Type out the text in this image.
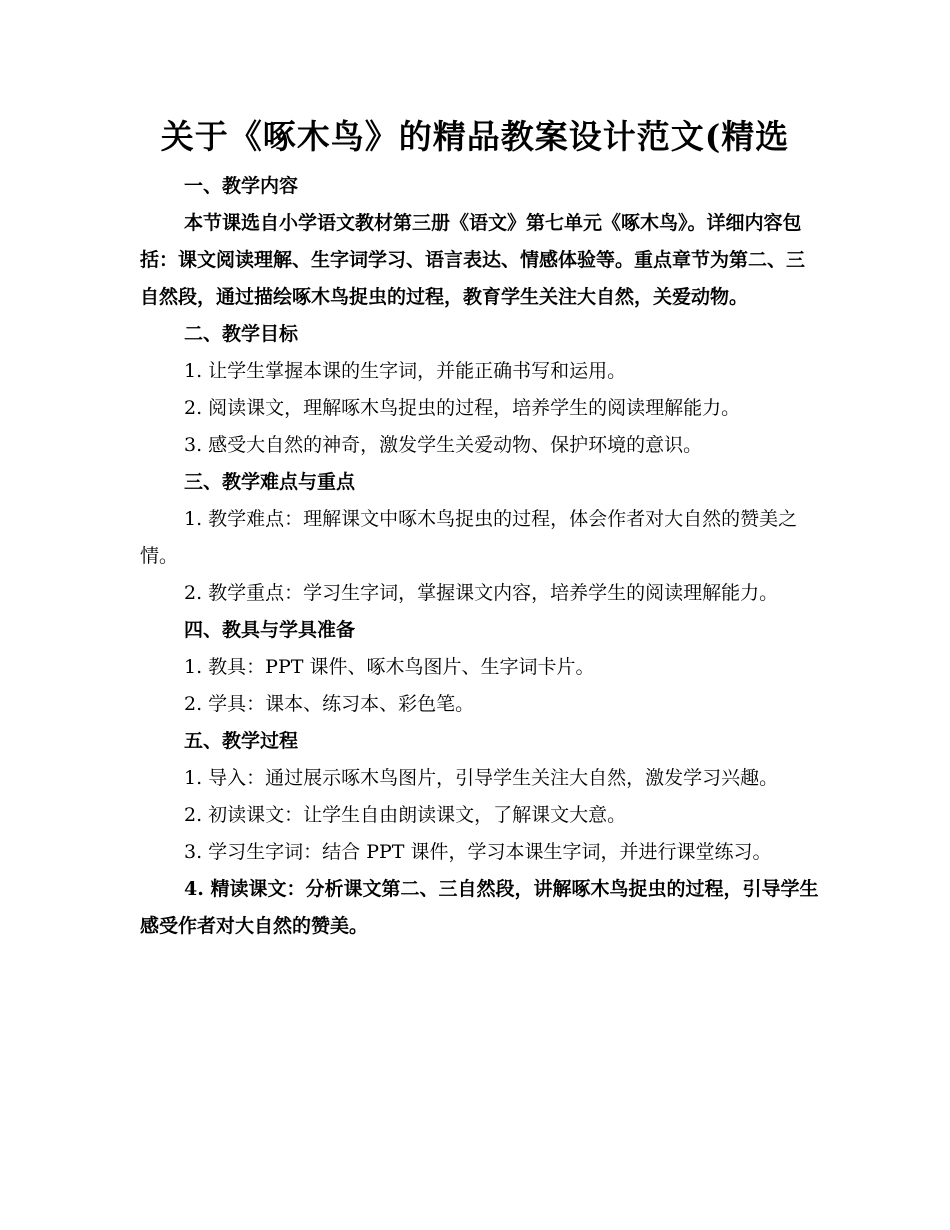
关于《啄木鸟》的精品教案设计范文(精选
一、教学内容
本节课选自小学语文教材第三册《语文》第七单元《啄木鸟》。详细内容包括：课文阅读理解、生字词学习、语言表达、情感体验等。重点章节为第二、三自然段，通过描绘啄木鸟捉虫的过程，教育学生关注大自然，关爱动物。
二、教学目标
1. 让学生掌握本课的生字词，并能正确书写和运用。
2. 阅读课文，理解啄木鸟捉虫的过程，培养学生的阅读理解能力。
3. 感受大自然的神奇，激发学生关爱动物、保护环境的意识。
三、教学难点与重点
1. 教学难点：理解课文中啄木鸟捉虫的过程，体会作者对大自然的赞美之情。
2. 教学重点：学习生字词，掌握课文内容，培养学生的阅读理解能力。
四、教具与学具准备
1. 教具：PPT 课件、啄木鸟图片、生字词卡片。
2. 学具：课本、练习本、彩色笔。
五、教学过程
1. 导入：通过展示啄木鸟图片，引导学生关注大自然，激发学习兴趣。
2. 初读课文：让学生自由朗读课文，了解课文大意。
3. 学习生字词：结合 PPT 课件，学习本课生字词，并进行课堂练习。
4. 精读课文：分析课文第二、三自然段，讲解啄木鸟捉虫的过程，引导学生感受作者对大自然的赞美。
